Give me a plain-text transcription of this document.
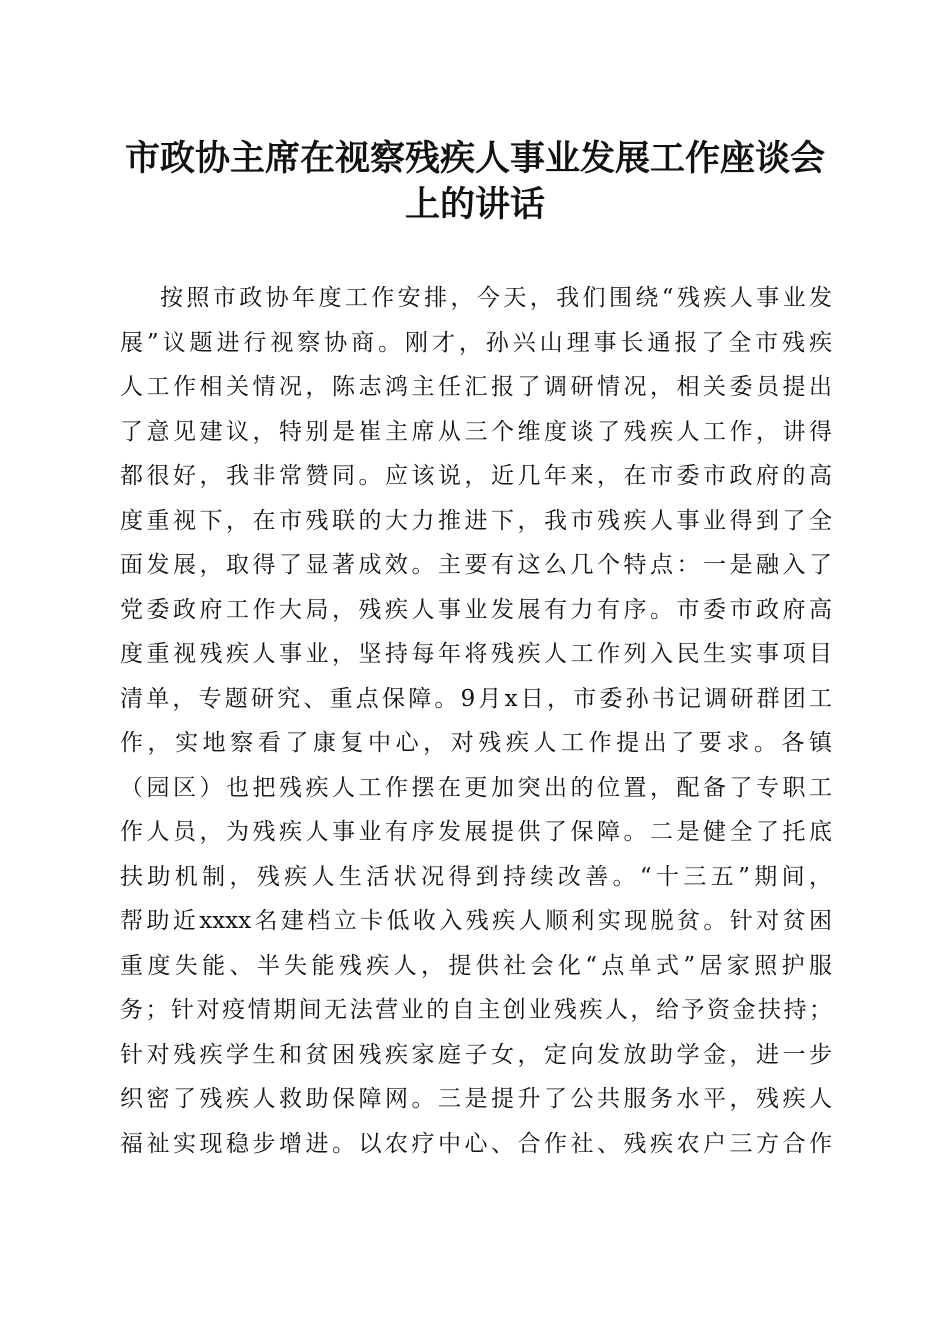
市政协主席在视察残疾人事业发展工作座谈会
上的讲话
按照市政协年度工作安排，今天，我们围绕“残疾人事业发
展”议题进行视察协商。刚才，孙兴山理事长通报了全市残疾
人工作相关情况，陈志鸿主任汇报了调研情况，相关委员提出
了意见建议，特别是崔主席从三个维度谈了残疾人工作，讲得
都很好，我非常赞同。应该说，近几年来，在市委市政府的高
度重视下，在市残联的大力推进下，我市残疾人事业得到了全
面发展，取得了显著成效。主要有这么几个特点：一是融入了
党委政府工作大局，残疾人事业发展有力有序。市委市政府高
度重视残疾人事业，坚持每年将残疾人工作列入民生实事项目
清单，专题研究、重点保障。9月x日，市委孙书记调研群团工
作，实地察看了康复中心，对残疾人工作提出了要求。各镇
（园区）也把残疾人工作摆在更加突出的位置，配备了专职工
作人员，为残疾人事业有序发展提供了保障。二是健全了托底
扶助机制，残疾人生活状况得到持续改善。“十三五”期间，
帮助近xxxx名建档立卡低收入残疾人顺利实现脱贫。针对贫困
重度失能、半失能残疾人，提供社会化“点单式”居家照护服
务；针对疫情期间无法营业的自主创业残疾人，给予资金扶持；
针对残疾学生和贫困残疾家庭子女，定向发放助学金，进一步
织密了残疾人救助保障网。三是提升了公共服务水平，残疾人
福祉实现稳步增进。以农疗中心、合作社、残疾农户三方合作
